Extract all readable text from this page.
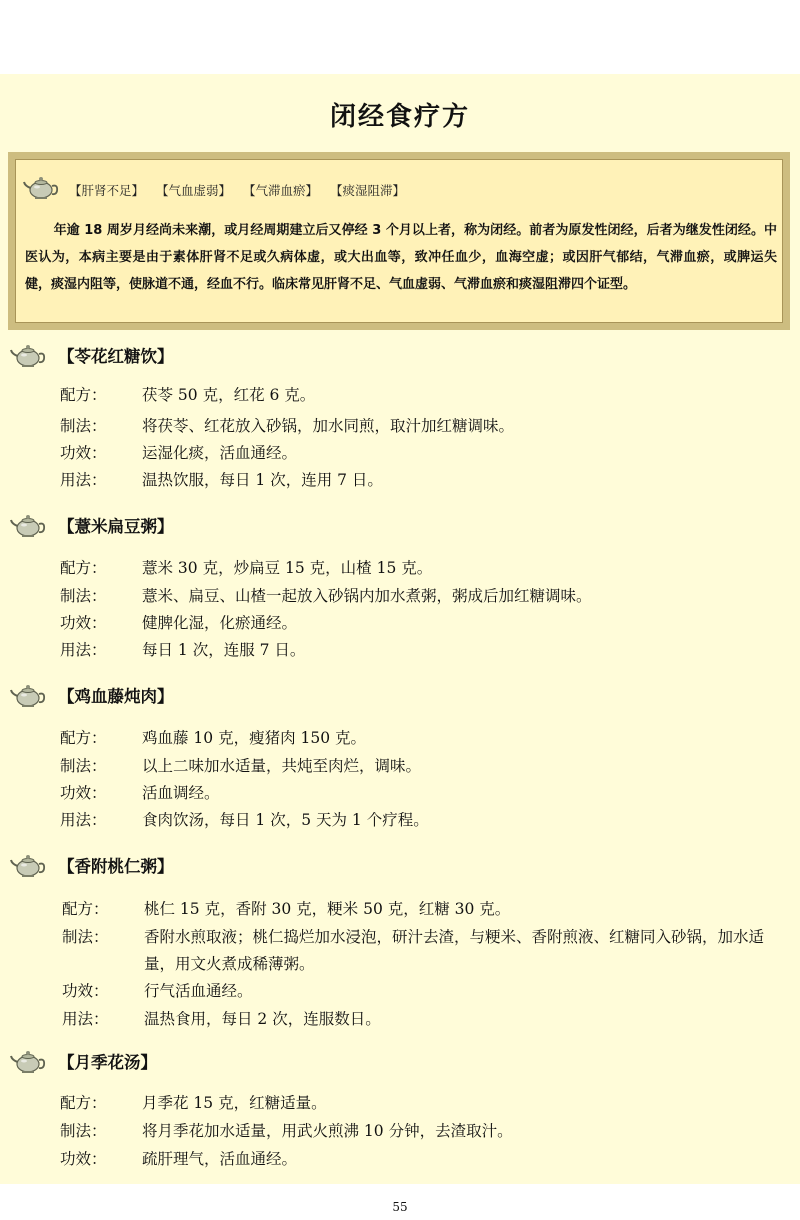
闭经食疗方
【肝肾不足】 【气血虚弱】 【气滞血瘀】 【痰湿阻滞】

年逾 18 周岁月经尚未来潮，或月经周期建立后又停经 3 个月以上者，称为闭经。前者为原发性闭经，后者为继发性闭经。中医认为，本病主要是由于素体肝肾不足或久病体虚，或大出血等，致冲任血少，血海空虚；或因肝气郁结，气滞血瘀，或脾运失健，痰湿内阻等，使脉道不通，经血不行。临床常见肝肾不足、气血虚弱、气滞血瘀和痰湿阻滞四个证型。

【苓花红糖饮】
配方：	茯苓 50 克，红花 6 克。
制法：	将茯苓、红花放入砂锅，加水同煎，取汁加红糖调味。
功效：	运湿化痰，活血通经。
用法：	温热饮服，每日 1 次，连用 7 日。
【薏米扁豆粥】
配方：	薏米 30 克，炒扁豆 15 克，山楂 15 克。
制法：	薏米、扁豆、山楂一起放入砂锅内加水煮粥，粥成后加红糖调味。
功效：	健脾化湿，化瘀通经。
用法：	每日 1 次，连服 7 日。
【鸡血藤炖肉】
配方：	鸡血藤 10 克，瘦猪肉 150 克。
制法：	以上二味加水适量，共炖至肉烂，调味。
功效：	活血调经。
用法：	食肉饮汤，每日 1 次，5 天为 1 个疗程。
【香附桃仁粥】
配方：	桃仁 15 克，香附 30 克，粳米 50 克，红糖 30 克。
制法：	香附水煎取液；桃仁捣烂加水浸泡，研汁去渣，与粳米、香附煎液、红糖同入砂锅，加水适量，用文火煮成稀薄粥。
功效：	行气活血通经。
用法：	温热食用，每日 2 次，连服数日。
【月季花汤】
配方：	月季花 15 克，红糖适量。
制法：	将月季花加水适量，用武火煎沸 10 分钟，去渣取汁。
功效：	疏肝理气，活血通经。
55
